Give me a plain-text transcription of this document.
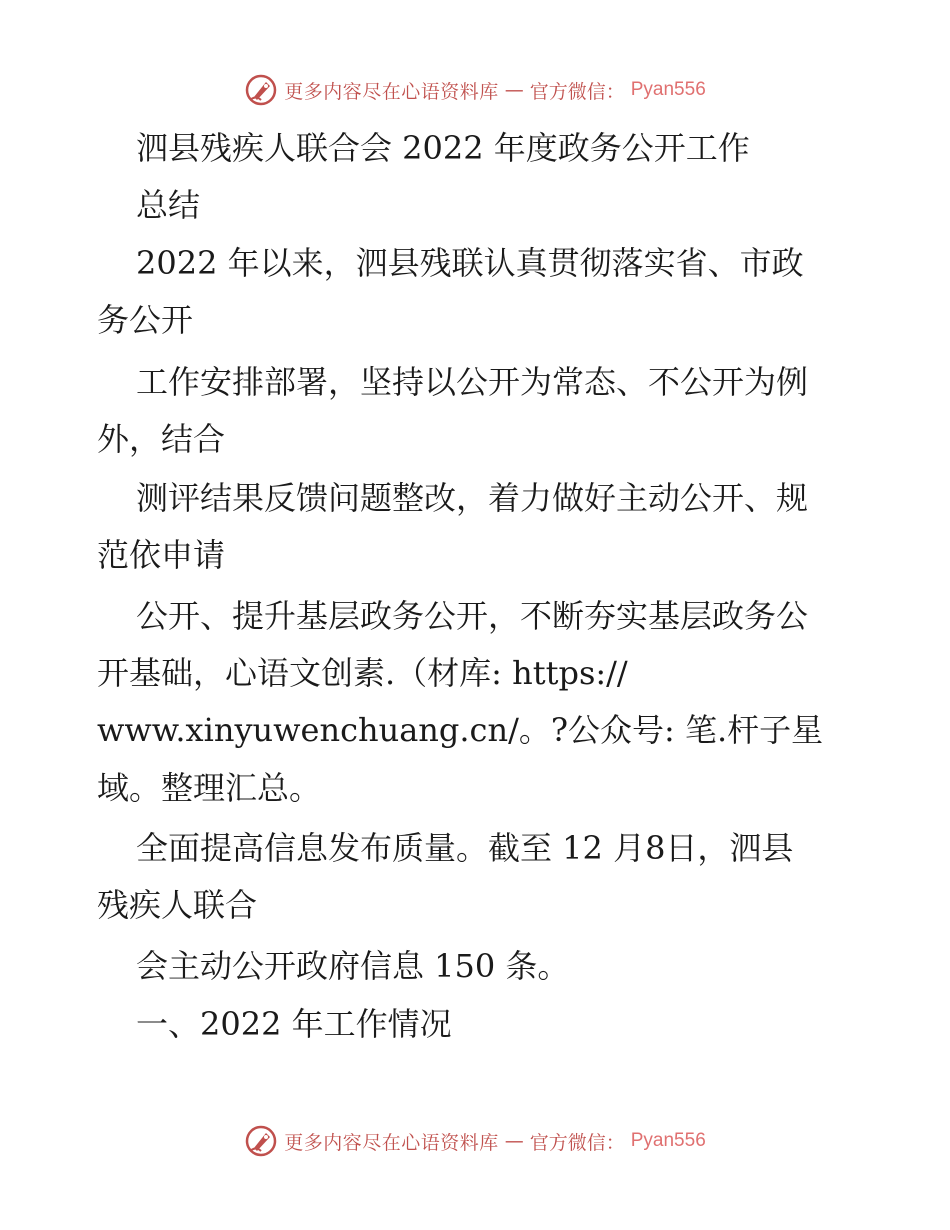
更多内容尽在心语资料库 — 官方微信： Pyan556
泗县残疾人联合会 2022 年度政务公开工作
总结
2022 年以来，泗县残联认真贯彻落实省、市政
务公开
工作安排部署，坚持以公开为常态、不公开为例
外，结合
测评结果反馈问题整改，着力做好主动公开、规
范依申请
公开、提升基层政务公开，不断夯实基层政务公
开基础，心语文创素.（材库: https://
www.xinyuwenchuang.cn/。?公众号: 笔.杆子星
域。整理汇总。
全面提高信息发布质量。截至 12 月8日，泗县
残疾人联合
会主动公开政府信息 150 条。
一、2022 年工作情况
更多内容尽在心语资料库 — 官方微信： Pyan556
